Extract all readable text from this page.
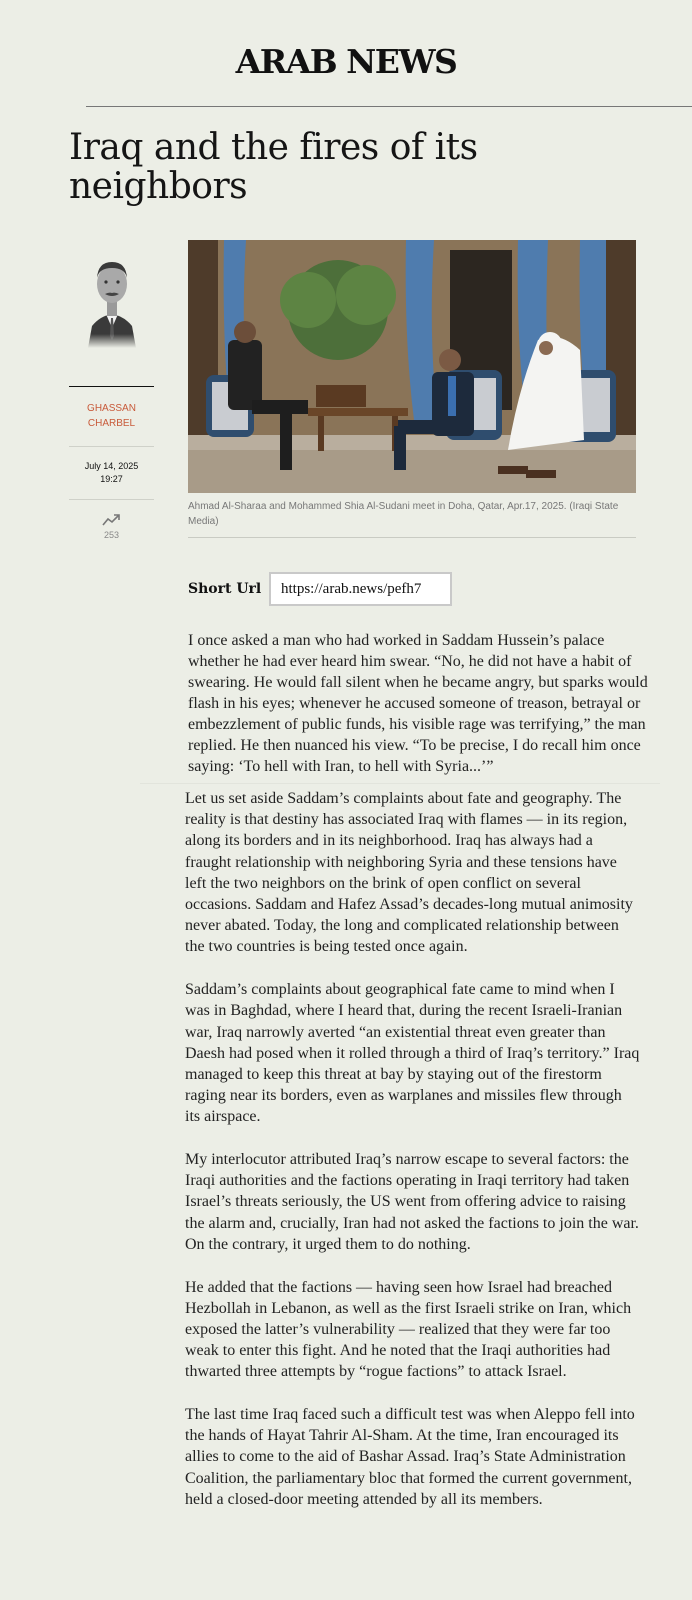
ARAB NEWS
Iraq and the fires of its neighbors
GHASSAN CHARBEL
July 14, 2025
19:27
253
Ahmad Al-Sharaa and Mohammed Shia Al-Sudani meet in Doha, Qatar, Apr.17, 2025. (Iraqi State Media)
Short Url	https://arab.news/pefh7
I once asked a man who had worked in Saddam Hussein’s palace whether he had ever heard him swear. “No, he did not have a habit of swearing. He would fall silent when he became angry, but sparks would flash in his eyes; whenever he accused someone of treason, betrayal or embezzlement of public funds, his visible rage was terrifying,” the man replied. He then nuanced his view. “To be precise, I do recall him once saying: ‘To hell with Iran, to hell with Syria...’”

Let us set aside Saddam’s complaints about fate and geography. The reality is that destiny has associated Iraq with flames — in its region, along its borders and in its neighborhood. Iraq has always had a fraught relationship with neighboring Syria and these tensions have left the two neighbors on the brink of open conflict on several occasions. Saddam and Hafez Assad’s decades-long mutual animosity never abated. Today, the long and complicated relationship between the two countries is being tested once again.

Saddam’s complaints about geographical fate came to mind when I was in Baghdad, where I heard that, during the recent Israeli-Iranian war, Iraq narrowly averted “an existential threat even greater than Daesh had posed when it rolled through a third of Iraq’s territory.” Iraq managed to keep this threat at bay by staying out of the firestorm raging near its borders, even as warplanes and missiles flew through its airspace.

My interlocutor attributed Iraq’s narrow escape to several factors: the Iraqi authorities and the factions operating in Iraqi territory had taken Israel’s threats seriously, the US went from offering advice to raising the alarm and, crucially, Iran had not asked the factions to join the war. On the contrary, it urged them to do nothing.

He added that the factions — having seen how Israel had breached Hezbollah in Lebanon, as well as the first Israeli strike on Iran, which exposed the latter’s vulnerability — realized that they were far too weak to enter this fight. And he noted that the Iraqi authorities had thwarted three attempts by “rogue factions” to attack Israel.

The last time Iraq faced such a difficult test was when Aleppo fell into the hands of Hayat Tahrir Al-Sham. At the time, Iran encouraged its allies to come to the aid of Bashar Assad. Iraq’s State Administration Coalition, the parliamentary bloc that formed the current government, held a closed-door meeting attended by all its members.
